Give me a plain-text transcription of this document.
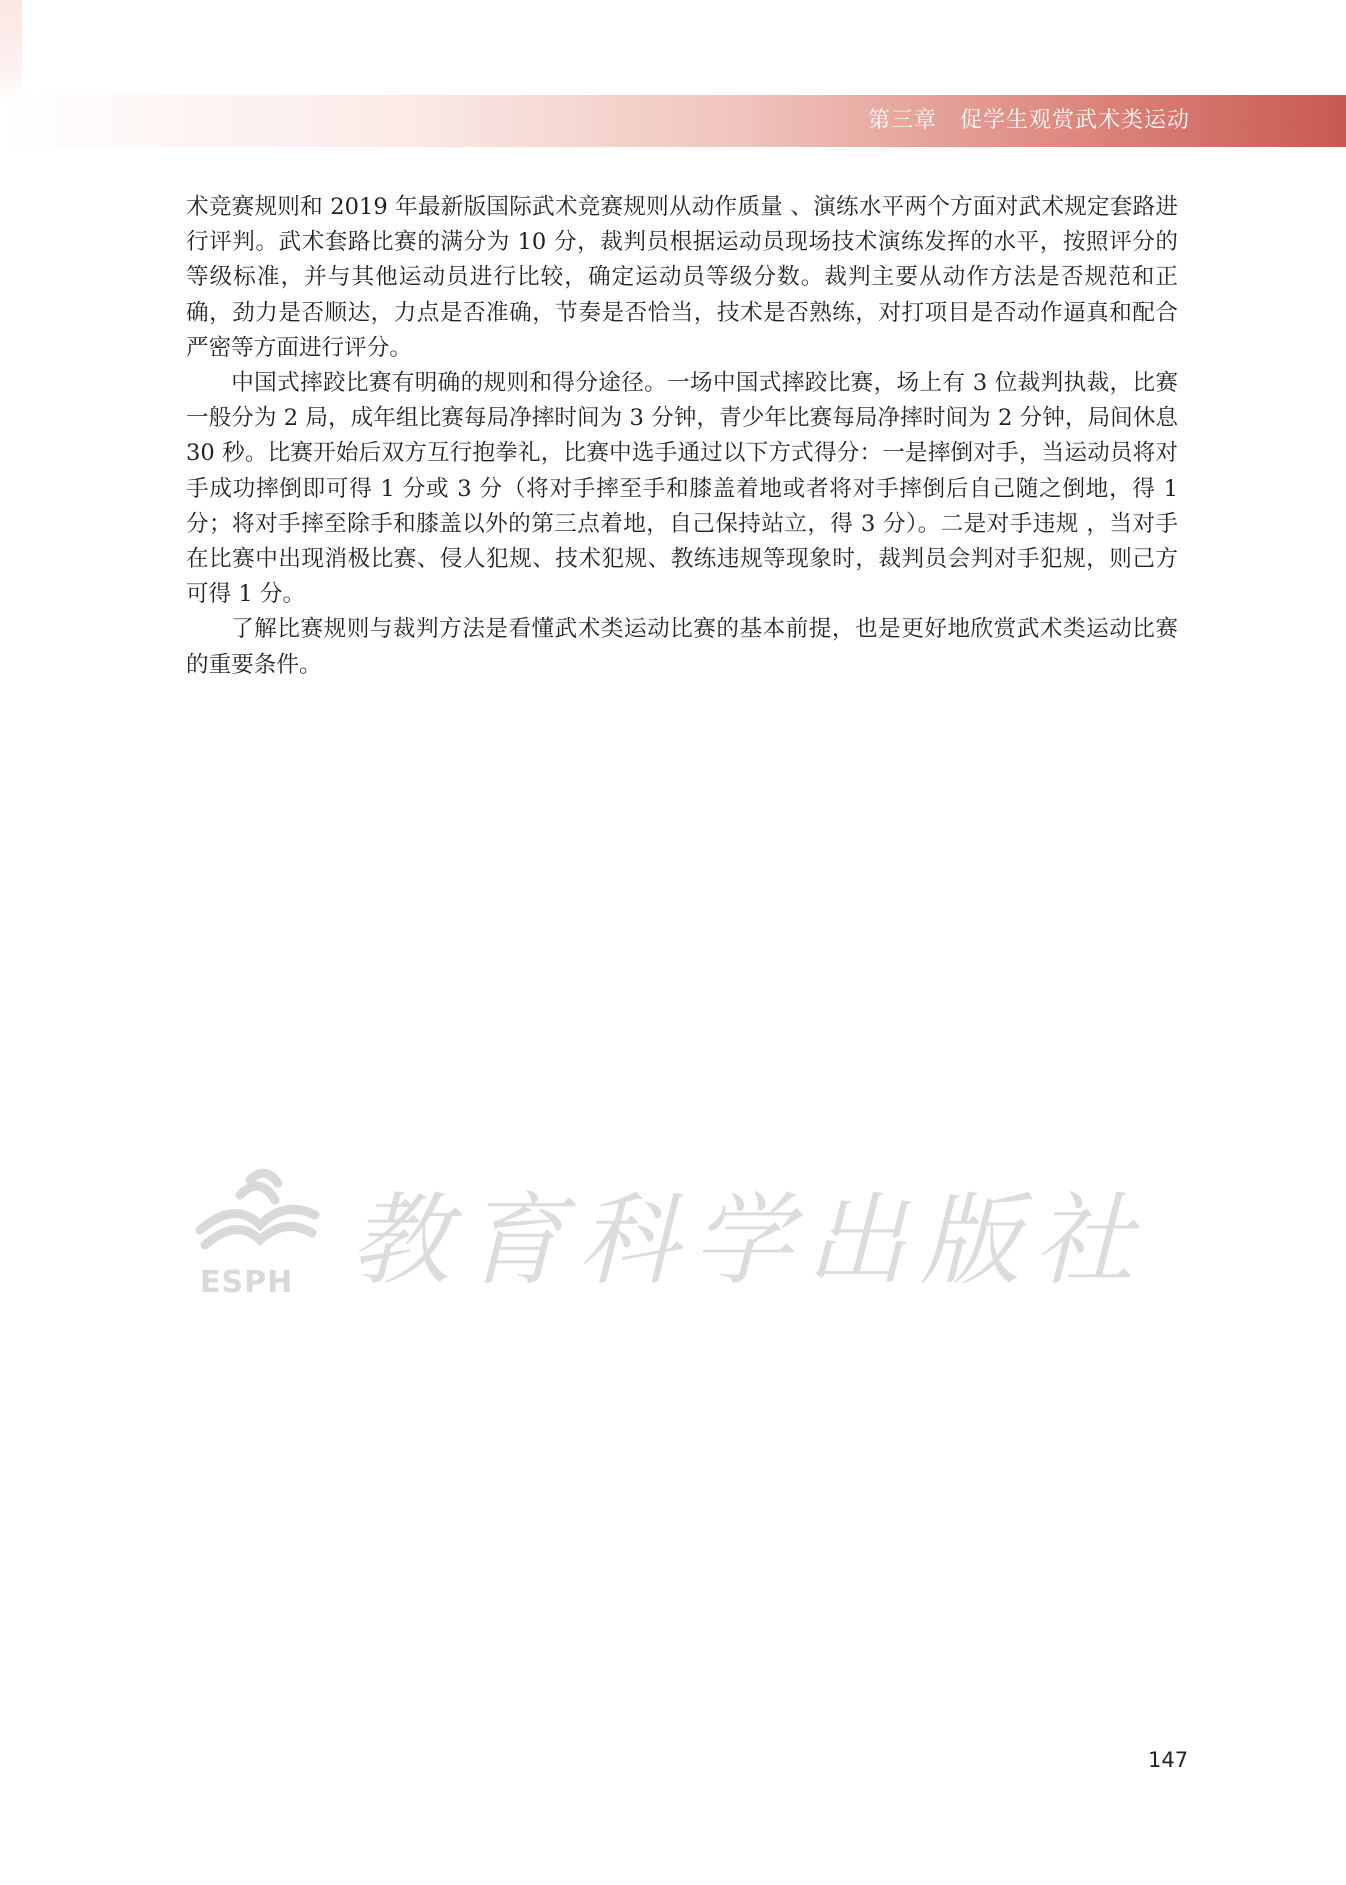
第三章　促学生观赏武术类运动

术竞赛规则和 2019 年最新版国际武术竞赛规则从动作质量 、演练水平两个方面对武术规定套路进行评判。武术套路比赛的满分为 10 分，裁判员根据运动员现场技术演练发挥的水平，按照评分的等级标准，并与其他运动员进行比较，确定运动员等级分数。裁判主要从动作方法是否规范和正确，劲力是否顺达，力点是否准确，节奏是否恰当，技术是否熟练，对打项目是否动作逼真和配合严密等方面进行评分。

中国式摔跤比赛有明确的规则和得分途径。一场中国式摔跤比赛，场上有 3 位裁判执裁，比赛一般分为 2 局，成年组比赛每局净摔时间为 3 分钟，青少年比赛每局净摔时间为 2 分钟，局间休息 30 秒。比赛开始后双方互行抱拳礼，比赛中选手通过以下方式得分：一是摔倒对手，当运动员将对手成功摔倒即可得 1 分或 3 分（将对手摔至手和膝盖着地或者将对手摔倒后自己随之倒地，得 1 分；将对手摔至除手和膝盖以外的第三点着地，自己保持站立，得 3 分）。二是对手违规 ，当对手在比赛中出现消极比赛、侵人犯规、技术犯规、教练违规等现象时，裁判员会判对手犯规，则己方可得 1 分。

了解比赛规则与裁判方法是看懂武术类运动比赛的基本前提，也是更好地欣赏武术类运动比赛的重要条件。

ESPH 教育科学出版社
147
